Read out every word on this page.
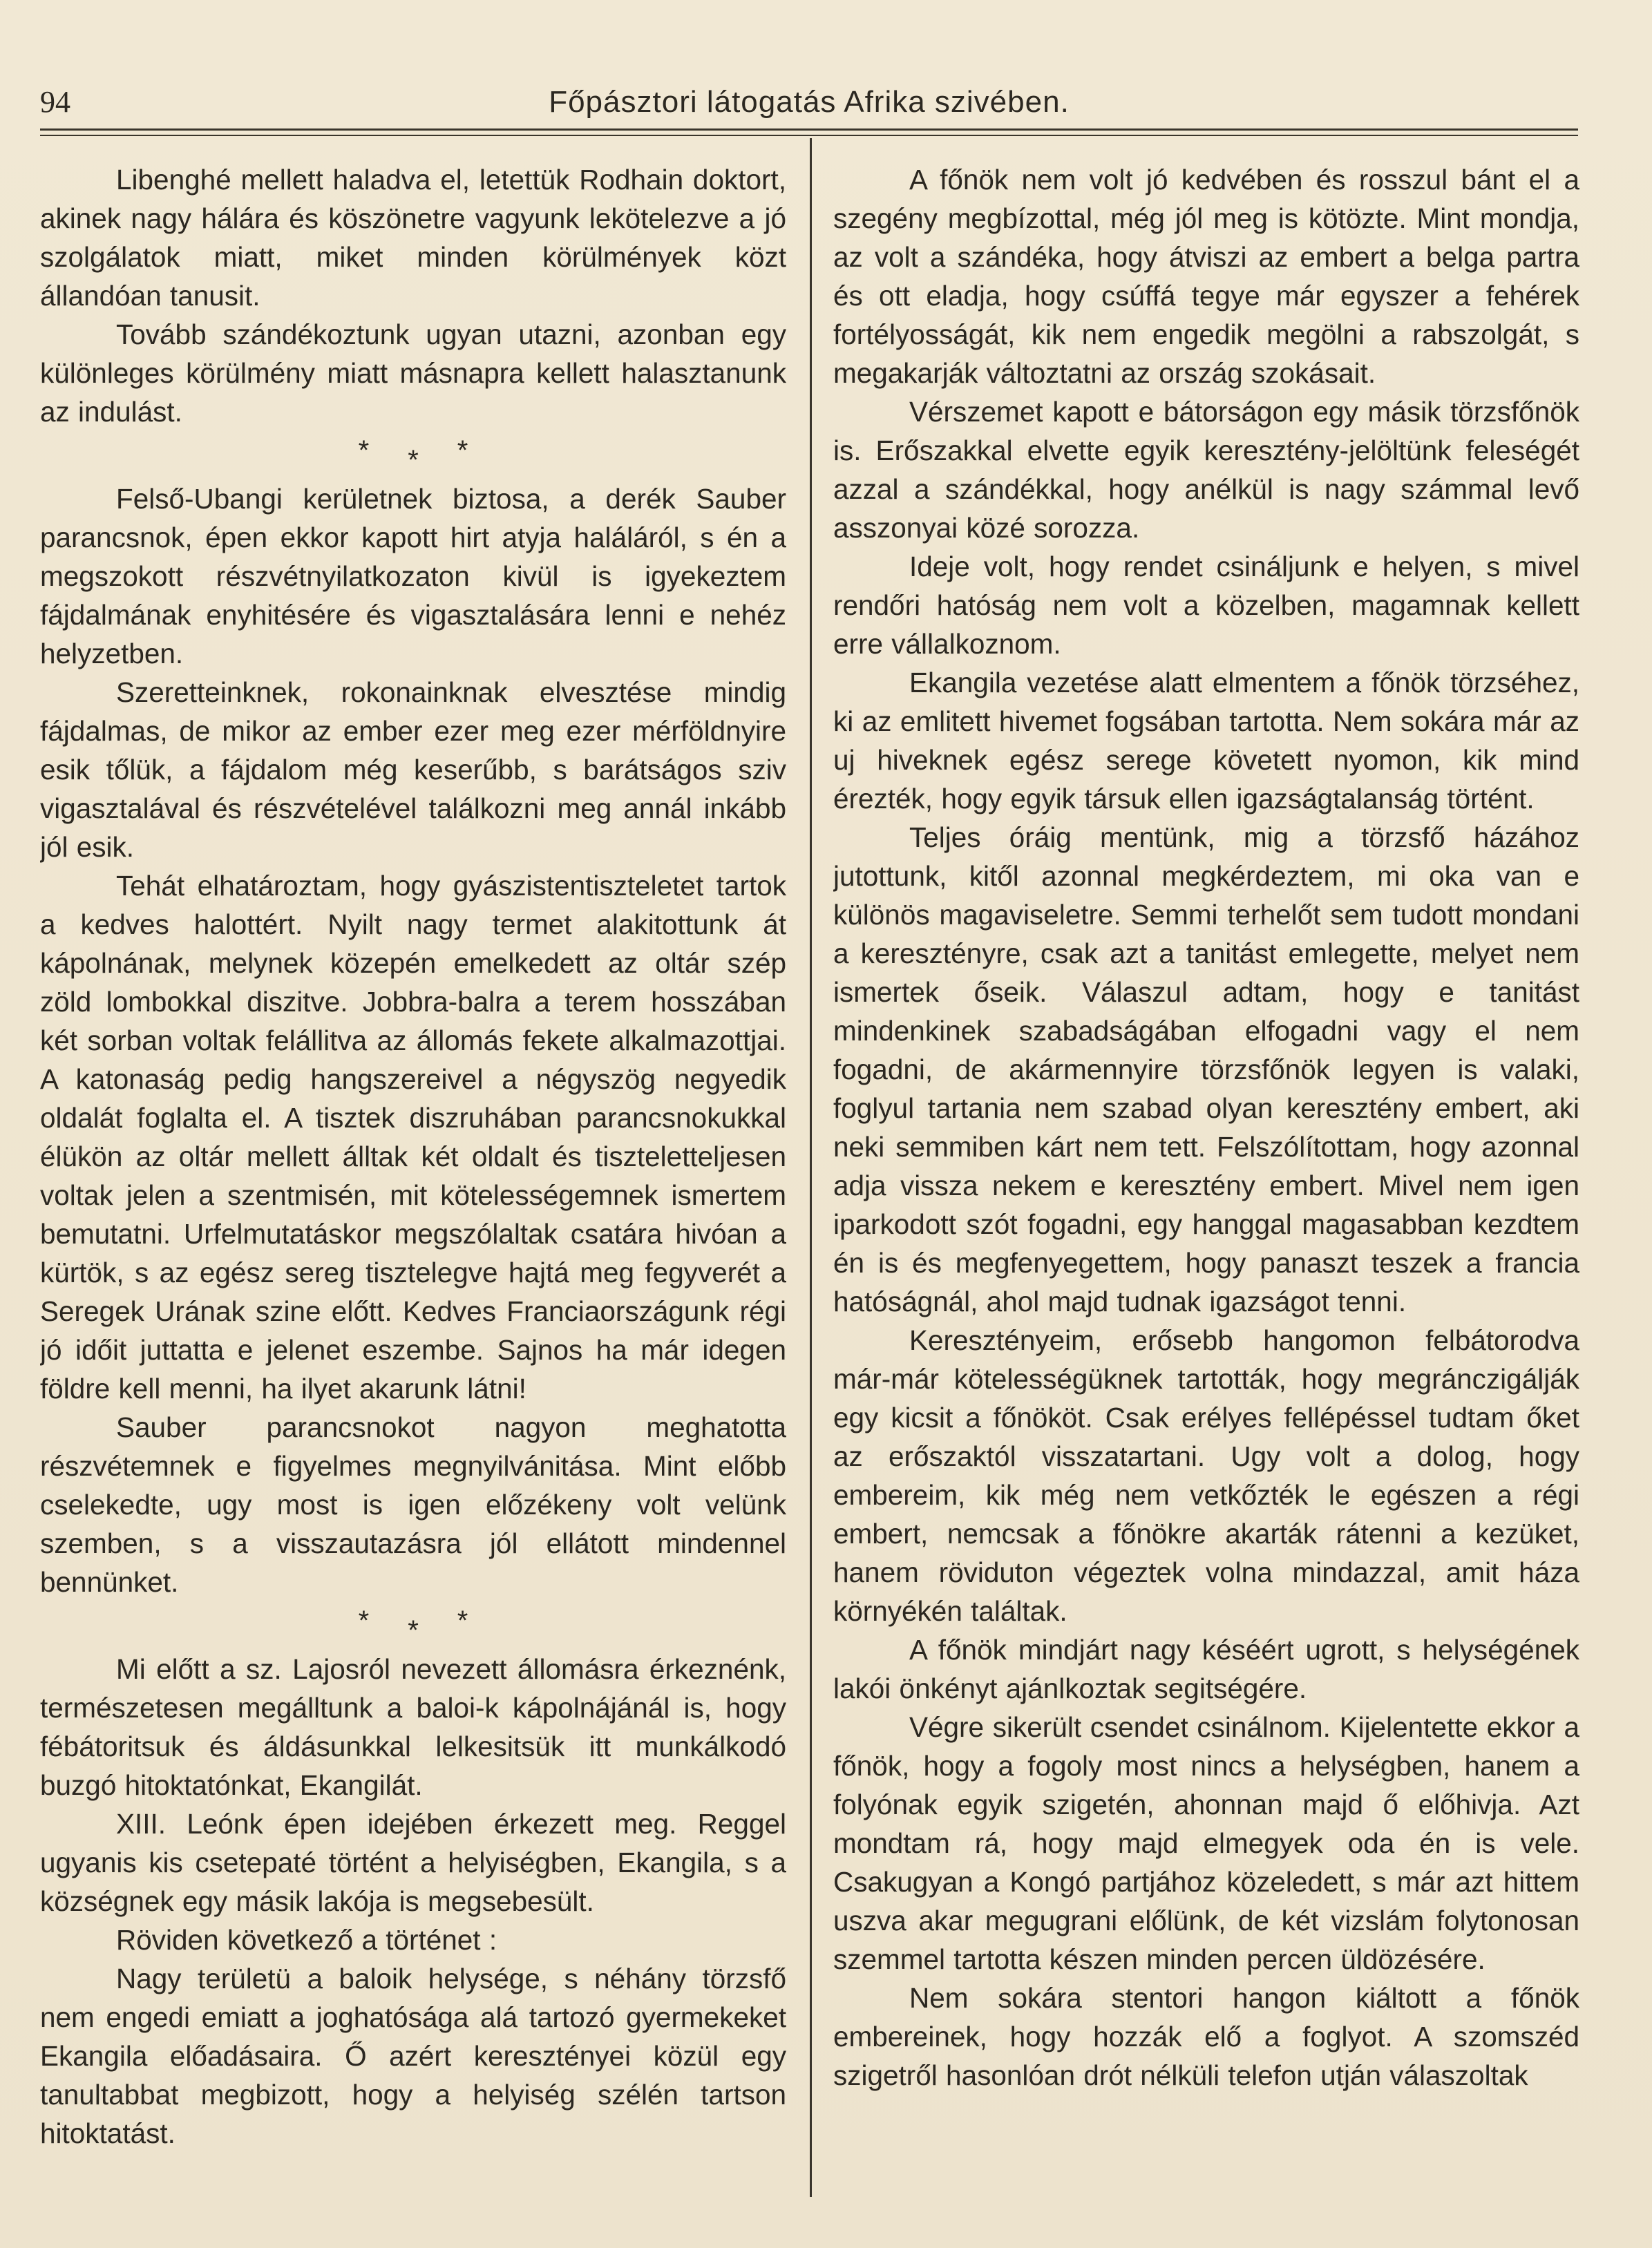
94	Főpásztori látogatás Afrika szivében.

Libenghé mellett haladva el, letettük Rodhain doktort, akinek nagy hálára és köszönetre vagyunk lekötelezve a jó szolgálatok miatt, miket minden körülmények közt állandóan tanusit.

Tovább szándékoztunk ugyan utazni, azonban egy különleges körülmény miatt másnapra kellett halasztanunk az indulást.

* * *

Felső-Ubangi kerületnek biztosa, a derék Sauber parancsnok, épen ekkor kapott hirt atyja haláláról, s én a megszokott részvétnyilatkozaton kivül is igyekeztem fájdalmának enyhitésére és vigasztalására lenni e nehéz helyzetben.

Szeretteinknek, rokonainknak elvesztése mindig fájdalmas, de mikor az ember ezer meg ezer mérföldnyire esik tőlük, a fájdalom még keserűbb, s barátságos sziv vigasztalával és részvételével találkozni meg annál inkább jól esik.

Tehát elhatároztam, hogy gyászistentiszteletet tartok a kedves halottért. Nyilt nagy termet alakitottunk át kápolnának, melynek közepén emelkedett az oltár szép zöld lombokkal diszitve. Jobbra-balra a terem hosszában két sorban voltak felállitva az állomás fekete alkalmazottjai. A katonaság pedig hangszereivel a négyszög negyedik oldalát foglalta el. A tisztek diszruhában parancsnokukkal élükön az oltár mellett álltak két oldalt és tiszteletteljesen voltak jelen a szentmisén, mit kötelességemnek ismertem bemutatni. Urfelmutatáskor megszólaltak csatára hivóan a kürtök, s az egész sereg tisztelegve hajtá meg fegyverét a Seregek Urának szine előtt. Kedves Franciaországunk régi jó időit juttatta e jelenet eszembe. Sajnos ha már idegen földre kell menni, ha ilyet akarunk látni!

Sauber parancsnokot nagyon meghatotta részvétemnek e figyelmes megnyilvánitása. Mint előbb cselekedte, ugy most is igen előzékeny volt velünk szemben, s a visszautazásra jól ellátott mindennel bennünket.

* * *

Mi előtt a sz. Lajosról nevezett állomásra érkeznénk, természetesen megálltunk a baloi-k kápolnájánál is, hogy fébátoritsuk és áldásunkkal lelkesitsük itt munkálkodó buzgó hitoktatónkat, Ekangilát.

XIII. Leónk épen idejében érkezett meg. Reggel ugyanis kis csetepaté történt a helyiségben, Ekangila, s a községnek egy másik lakója is megsebesült.

Röviden következő a történet :

Nagy területü a baloik helysége, s néhány törzsfő nem engedi emiatt a joghatósága alá tartozó gyermekeket Ekangila előadásaira. Ő azért keresztényei közül egy tanultabbat megbizott, hogy a helyiség szélén tartson hitoktatást.

A főnök nem volt jó kedvében és rosszul bánt el a szegény megbízottal, még jól meg is kötözte. Mint mondja, az volt a szándéka, hogy átviszi az embert a belga partra és ott eladja, hogy csúffá tegye már egyszer a fehérek fortélyosságát, kik nem engedik megölni a rabszolgát, s megakarják változtatni az ország szokásait.

Vérszemet kapott e bátorságon egy másik törzsfőnök is. Erőszakkal elvette egyik keresztény-jelöltünk feleségét azzal a szándékkal, hogy anélkül is nagy számmal levő asszonyai közé sorozza.

Ideje volt, hogy rendet csináljunk e helyen, s mivel rendőri hatóság nem volt a közelben, magamnak kellett erre vállalkoznom.

Ekangila vezetése alatt elmentem a főnök törzséhez, ki az emlitett hivemet fogsában tartotta. Nem sokára már az uj hiveknek egész serege követett nyomon, kik mind érezték, hogy egyik társuk ellen igazságtalanság történt.

Teljes óráig mentünk, mig a törzsfő házához jutottunk, kitől azonnal megkérdeztem, mi oka van e különös magaviseletre. Semmi terhelőt sem tudott mondani a keresztényre, csak azt a tanitást emlegette, melyet nem ismertek őseik. Válaszul adtam, hogy e tanitást mindenkinek szabadságában elfogadni vagy el nem fogadni, de akármennyire törzsfőnök legyen is valaki, foglyul tartania nem szabad olyan keresztény embert, aki neki semmiben kárt nem tett. Felszólítottam, hogy azonnal adja vissza nekem e keresztény embert. Mivel nem igen iparkodott szót fogadni, egy hanggal magasabban kezdtem én is és megfenyegettem, hogy panaszt teszek a francia hatóságnál, ahol majd tudnak igazságot tenni.

Keresztényeim, erősebb hangomon felbátorodva már-már kötelességüknek tartották, hogy megránczigálják egy kicsit a főnököt. Csak erélyes fellépéssel tudtam őket az erőszaktól visszatartani. Ugy volt a dolog, hogy embereim, kik még nem vetkőzték le egészen a régi embert, nemcsak a főnökre akarták rátenni a kezüket, hanem röviduton végeztek volna mindazzal, amit háza környékén találtak.

A főnök mindjárt nagy késéért ugrott, s helységének lakói önkényt ajánlkoztak segitségére.

Végre sikerült csendet csinálnom. Kijelentette ekkor a főnök, hogy a fogoly most nincs a helységben, hanem a folyónak egyik szigetén, ahonnan majd ő előhivja. Azt mondtam rá, hogy majd elmegyek oda én is vele. Csakugyan a Kongó partjához közeledett, s már azt hittem uszva akar megugrani előlünk, de két vizslám folytonosan szemmel tartotta készen minden percen üldözésére.

Nem sokára stentori hangon kiáltott a főnök embereinek, hogy hozzák elő a foglyot. A szomszéd szigetről hasonlóan drót nélküli telefon utján válaszoltak
